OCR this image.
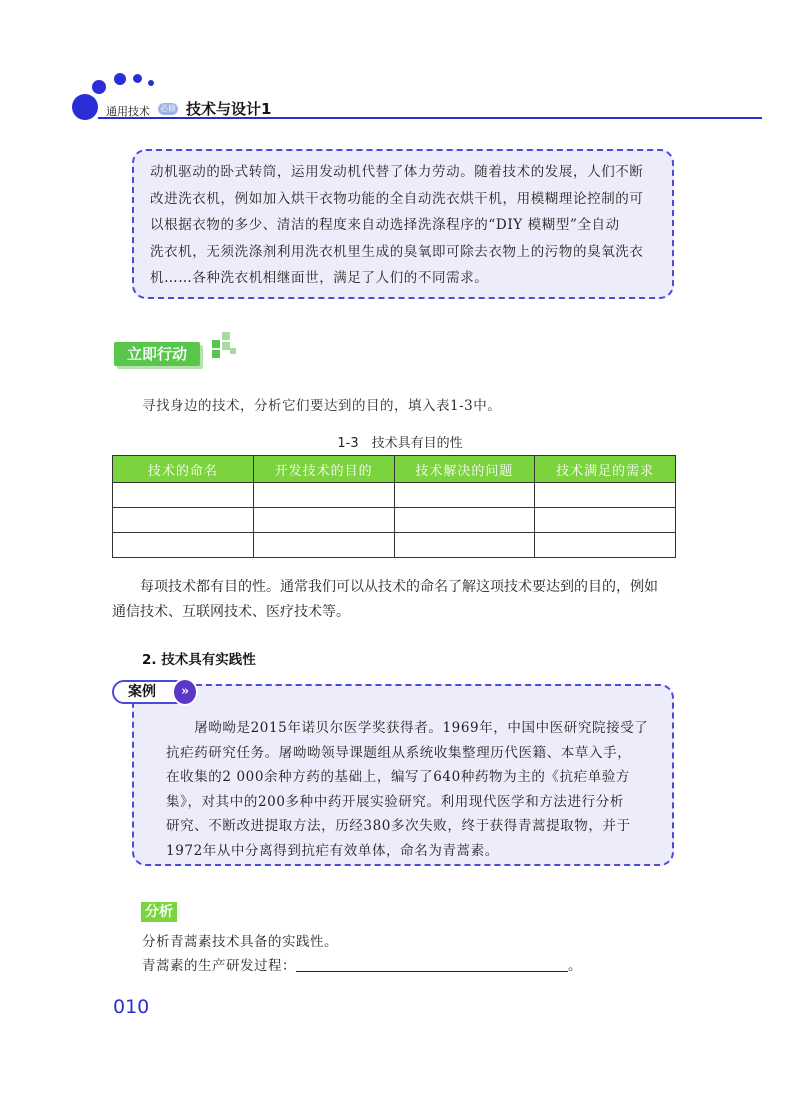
通用技术 必修 技术与设计1
动机驱动的卧式转筒，运用发动机代替了体力劳动。随着技术的发展，人们不断
改进洗衣机，例如加入烘干衣物功能的全自动洗衣烘干机，用模糊理论控制的可
以根据衣物的多少、清洁的程度来自动选择洗涤程序的“DIY 模糊型”全自动
洗衣机，无须洗涤剂利用洗衣机里生成的臭氧即可除去衣物上的污物的臭氧洗衣
机……各种洗衣机相继面世，满足了人们的不同需求。
立即行动
寻找身边的技术，分析它们要达到的目的，填入表1-3中。
1-3　技术具有目的性
技术的命名	开发技术的目的	技术解决的问题	技术满足的需求

　　每项技术都有目的性。通常我们可以从技术的命名了解这项技术要达到的目的，例如
通信技术、互联网技术、医疗技术等。
2. 技术具有实践性
案例	»
　　屠呦呦是2015年诺贝尔医学奖获得者。1969年，中国中医研究院接受了
抗疟药研究任务。屠呦呦领导课题组从系统收集整理历代医籍、本草入手，
在收集的2 000余种方药的基础上，编写了640种药物为主的《抗疟单验方
集》，对其中的200多种中药开展实验研究。利用现代医学和方法进行分析
研究、不断改进提取方法，历经380多次失败，终于获得青蒿提取物，并于
1972年从中分离得到抗疟有效单体，命名为青蒿素。
分析
分析青蒿素技术具备的实践性。
青蒿素的生产研发过程：	。
010
